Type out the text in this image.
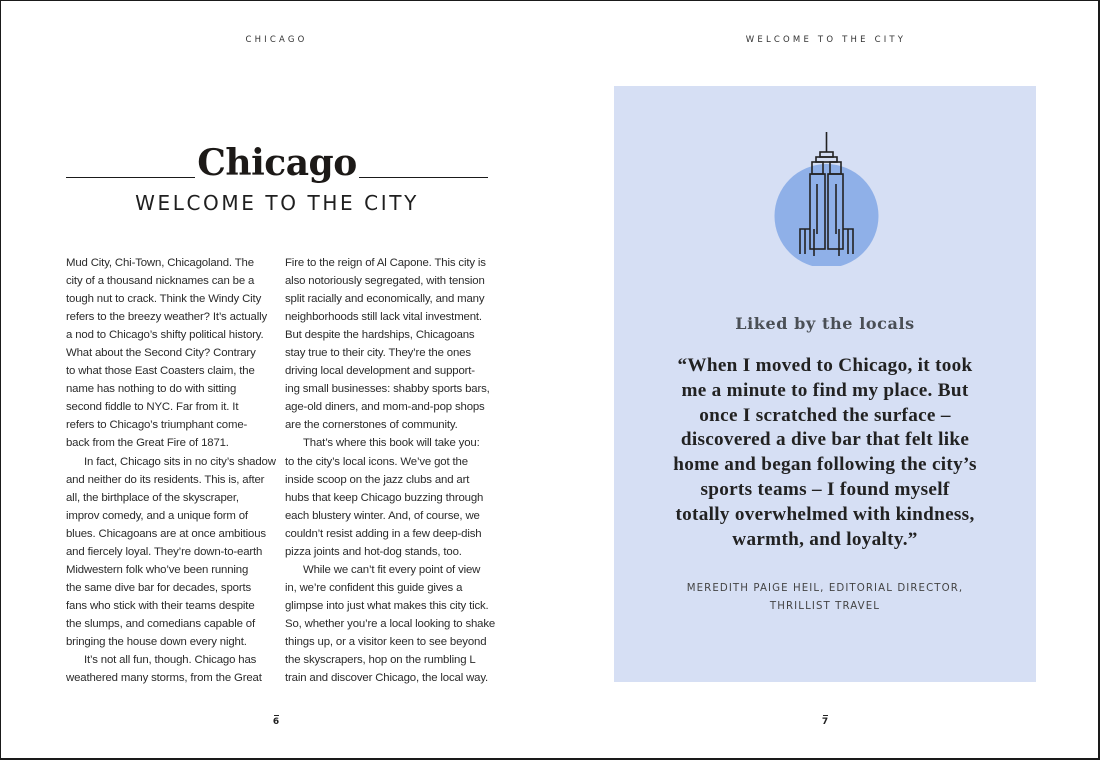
CHICAGO
Chicago
WELCOME TO THE CITY
Mud City, Chi-Town, Chicagoland. The
city of a thousand nicknames can be a
tough nut to crack. Think the Windy City
refers to the breezy weather? It’s actually
a nod to Chicago’s shifty political history.
What about the Second City? Contrary
to what those East Coasters claim, the
name has nothing to do with sitting
second fiddle to NYC. Far from it. It
refers to Chicago’s triumphant come-
back from the Great Fire of 1871.
In fact, Chicago sits in no city’s shadow
and neither do its residents. This is, after
all, the birthplace of the skyscraper,
improv comedy, and a unique form of
blues. Chicagoans are at once ambitious
and fiercely loyal. They’re down-to-earth
Midwestern folk who’ve been running
the same dive bar for decades, sports
fans who stick with their teams despite
the slumps, and comedians capable of
bringing the house down every night.
It’s not all fun, though. Chicago has
weathered many storms, from the Great
Fire to the reign of Al Capone. This city is
also notoriously segregated, with tension
split racially and economically, and many
neighborhoods still lack vital investment.
But despite the hardships, Chicagoans
stay true to their city. They’re the ones
driving local development and support-
ing small businesses: shabby sports bars,
age-old diners, and mom-and-pop shops
are the cornerstones of community.
That’s where this book will take you:
to the city’s local icons. We’ve got the
inside scoop on the jazz clubs and art
hubs that keep Chicago buzzing through
each blustery winter. And, of course, we
couldn’t resist adding in a few deep-dish
pizza joints and hot-dog stands, too.
While we can’t fit every point of view
in, we’re confident this guide gives a
glimpse into just what makes this city tick.
So, whether you’re a local looking to shake
things up, or a visitor keen to see beyond
the skyscrapers, hop on the rumbling L
train and discover Chicago, the local way.
6
WELCOME TO THE CITY
Liked by the locals
“When I moved to Chicago, it took
me a minute to find my place. But
once I scratched the surface –
discovered a dive bar that felt like
home and began following the city’s
sports teams – I found myself
totally overwhelmed with kindness,
warmth, and loyalty.”
MEREDITH PAIGE HEIL, EDITORIAL DIRECTOR,
THRILLIST TRAVEL
7
